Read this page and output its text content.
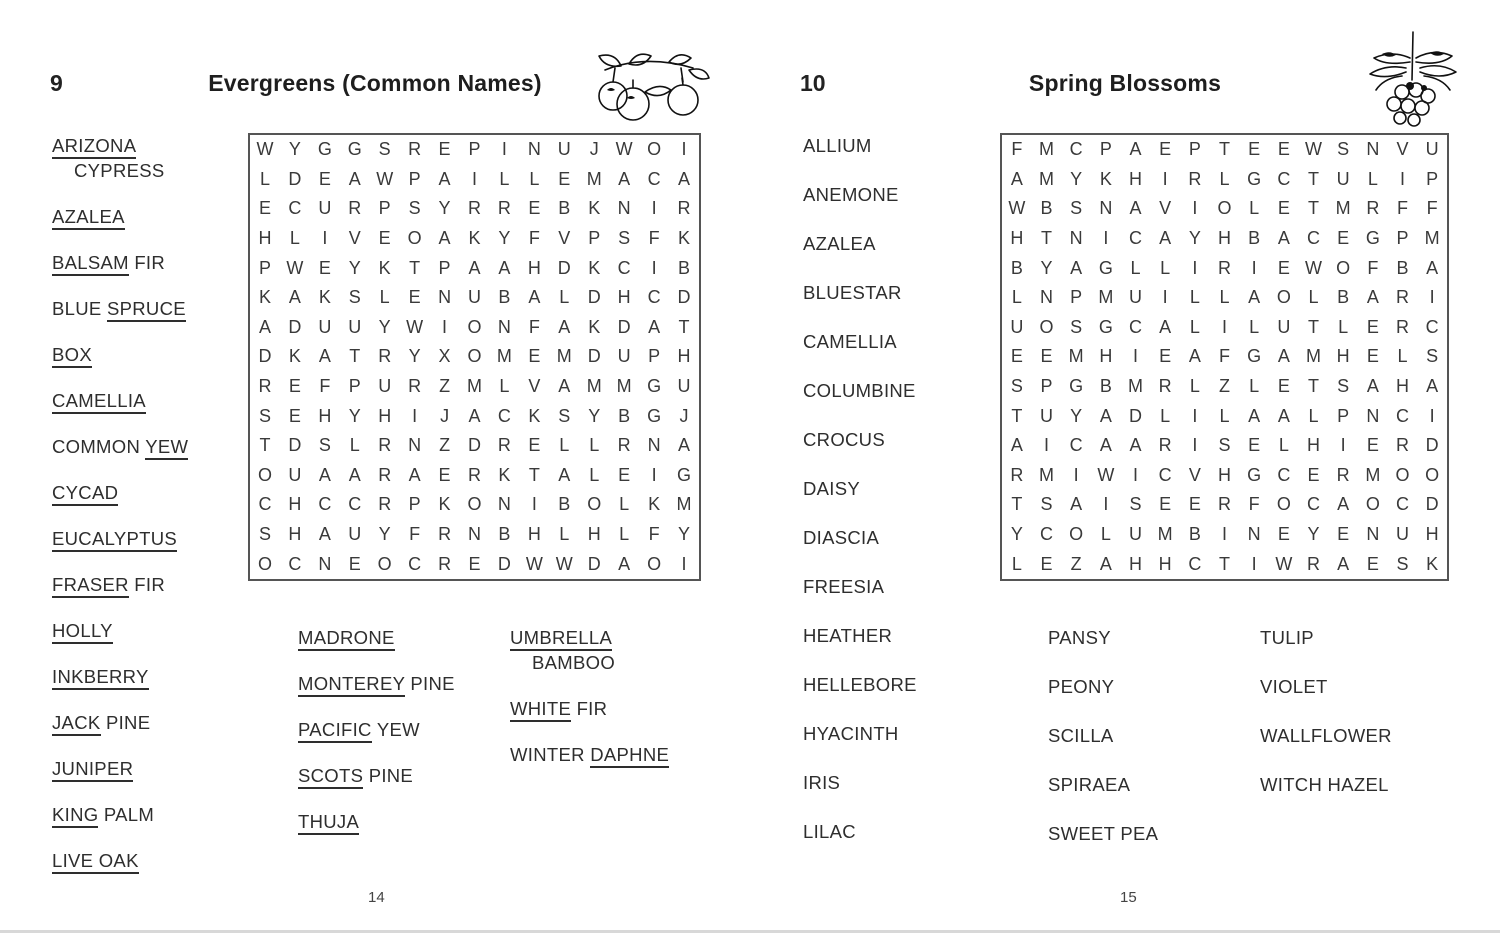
9	Evergreens (Common Names)
ARIZONA
CYPRESS
AZALEA
BALSAM FIR
BLUE SPRUCE
BOX
CAMELLIA
COMMON YEW
CYCAD
EUCALYPTUS
FRASER FIR
HOLLY
INKBERRY
JACK PINE
JUNIPER
KING PALM
LIVE OAK
W Y G G S R E P	I	N U	J W O	I
L	D E A W P A	I	L	L	E M A C A
E C U R P S Y R R E B K N	I	R
H	L	I	V E O A K Y	F	V P S	F	K
P W E Y K	T	P A A H D K C	I	B
K A K S	L	E N U B A	L	D H C D
A D U U Y W	I	O N F	A K D A	T
D K A	T R Y X O M E M D U P H
R E	F	P U R Z M L	V A M M G U
S E H Y H	I	J	A C K S Y B G	J
T D S	L	R N Z D R E	L	L	R N A
O U A A R A E R K	T	A	L	E	I	G
C H C C R P K O N	I	B O L	K M
S H A U Y	F R N B H	L	H	L	F	Y
O C N E O C R E D W W D A O	I
MADRONE
MONTEREY PINE
PACIFIC YEW
SCOTS PINE
THUJA
UMBRELLA
BAMBOO
WHITE FIR
WINTER DAPHNE
14
10	Spring Blossoms
ALLIUM
ANEMONE
AZALEA
BLUESTAR
CAMELLIA
COLUMBINE
CROCUS
DAISY
DIASCIA
FREESIA
HEATHER
HELLEBORE
HYACINTH
IRIS
LILAC
F M C P A E P	T	E E W S N V U
A M Y K H	I	R	L G C T U	L	I	P
W B S N A V	I	O L	E	T M R F	F
H T N	I	C A Y H B A C E G P M
B Y A G L	L	I	R	I	E W O F	B A
L	N P M U	I	L	L	A O L	B A R	I
U O S G C A	L	I	L	U T	L	E R C
E E M H	I	E A	F G A M H E	L	S
S P G B M R	L	Z	L	E	T	S A H A
T U Y A D	L	I	L	A A	L	P N C	I
A	I	C A A R	I	S E	L	H	I	E R D
R M	I	W	I	C V H G C E R M O O
T	S A	I	S E E R F O C A O C D
Y C O L	U M B	I	N E Y E N U H
L	E	Z	A H H C T	I	W R A E S K
PANSY
PEONY
SCILLA
SPIRAEA
SWEET PEA
TULIP
VIOLET
WALLFLOWER
WITCH HAZEL
15
